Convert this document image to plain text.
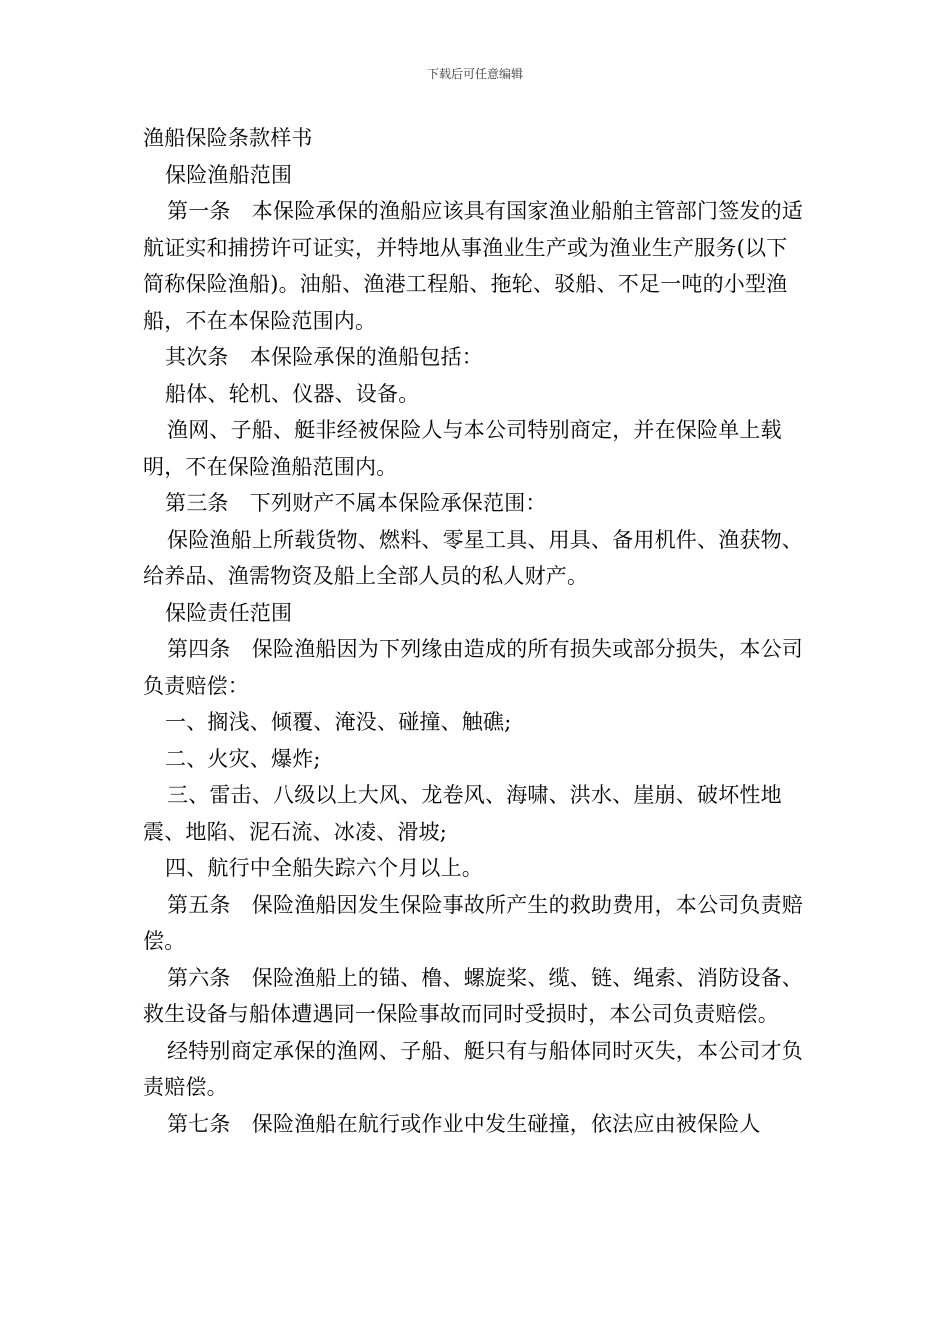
下载后可任意编辑

渔船保险条款样书

保险渔船范围

第一条　本保险承保的渔船应该具有国家渔业船舶主管部门签发的适航证实和捕捞许可证实，并特地从事渔业生产或为渔业生产服务(以下简称保险渔船)。油船、渔港工程船、拖轮、驳船、不足一吨的小型渔船，不在本保险范围内。

其次条　本保险承保的渔船包括：

船体、轮机、仪器、设备。

渔网、子船、艇非经被保险人与本公司特别商定，并在保险单上载明，不在保险渔船范围内。

第三条　下列财产不属本保险承保范围：

保险渔船上所载货物、燃料、零星工具、用具、备用机件、渔获物、给养品、渔需物资及船上全部人员的私人财产。

保险责任范围

第四条　保险渔船因为下列缘由造成的所有损失或部分损失，本公司负责赔偿：

一、搁浅、倾覆、淹没、碰撞、触礁;

二、火灾、爆炸;

三、雷击、八级以上大风、龙卷风、海啸、洪水、崖崩、破坏性地震、地陷、泥石流、冰凌、滑坡;

四、航行中全船失踪六个月以上。

第五条　保险渔船因发生保险事故所产生的救助费用，本公司负责赔偿。

第六条　保险渔船上的锚、橹、螺旋桨、缆、链、绳索、消防设备、救生设备与船体遭遇同一保险事故而同时受损时，本公司负责赔偿。

经特别商定承保的渔网、子船、艇只有与船体同时灭失，本公司才负责赔偿。

第七条　保险渔船在航行或作业中发生碰撞，依法应由被保险人
